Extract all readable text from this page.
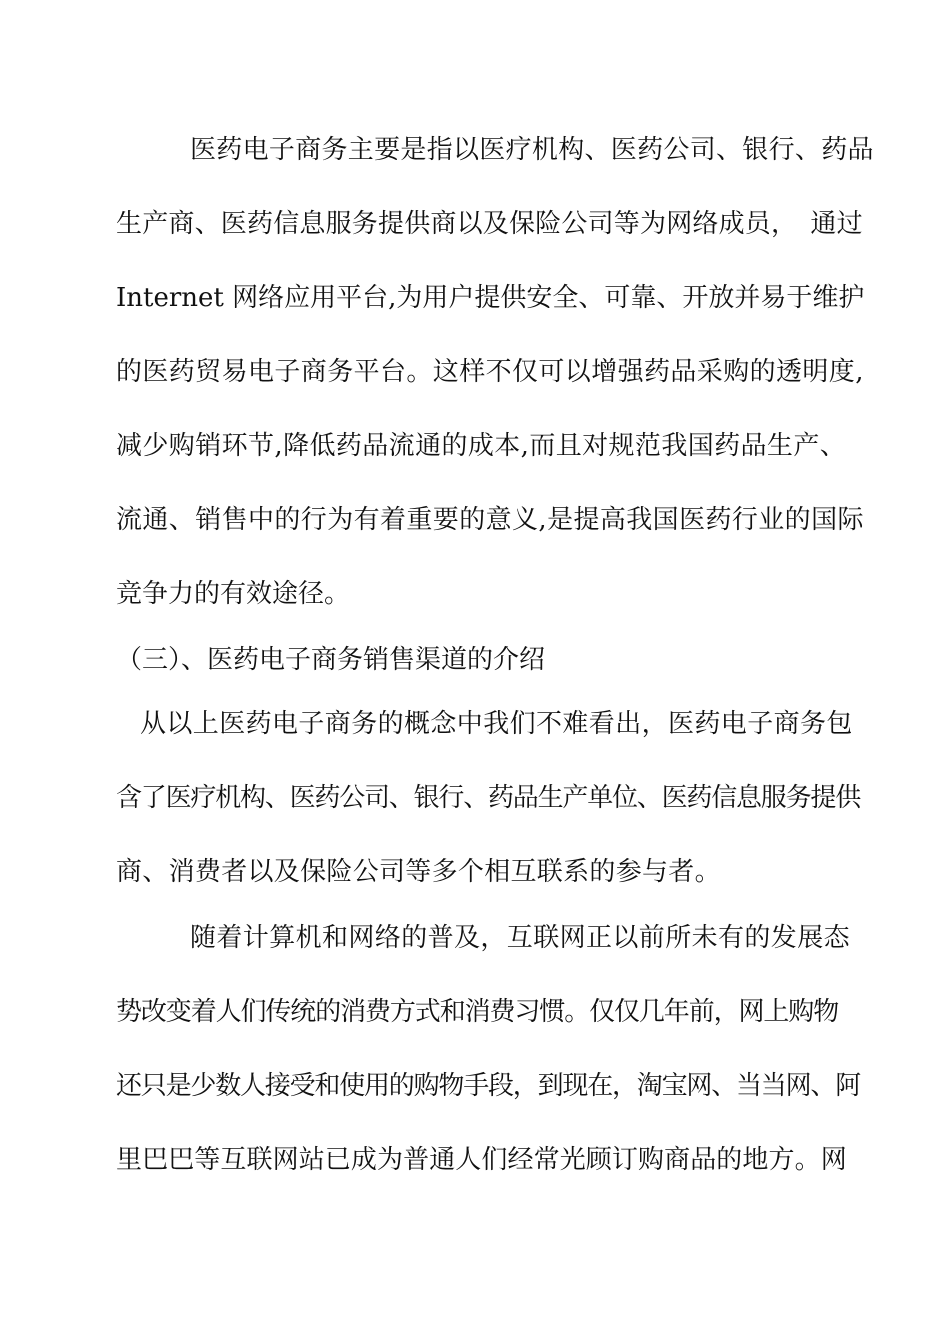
医药电子商务主要是指以医疗机构、医药公司、银行、药品
生产商、医药信息服务提供商以及保险公司等为网络成员，　通过
Internet 网络应用平台,为用户提供安全、可靠、开放并易于维护
的医药贸易电子商务平台。这样不仅可以增强药品采购的透明度,
减少购销环节,降低药品流通的成本,而且对规范我国药品生产、
流通、销售中的行为有着重要的意义,是提高我国医药行业的国际
竞争力的有效途径。
（三）、医药电子商务销售渠道的介绍
从以上医药电子商务的概念中我们不难看出，医药电子商务包
含了医疗机构、医药公司、银行、药品生产单位、医药信息服务提供
商、消费者以及保险公司等多个相互联系的参与者。
随着计算机和网络的普及，互联网正以前所未有的发展态
势改变着人们传统的消费方式和消费习惯。仅仅几年前，网上购物
还只是少数人接受和使用的购物手段，到现在，淘宝网、当当网、阿
里巴巴等互联网站已成为普通人们经常光顾订购商品的地方。网
